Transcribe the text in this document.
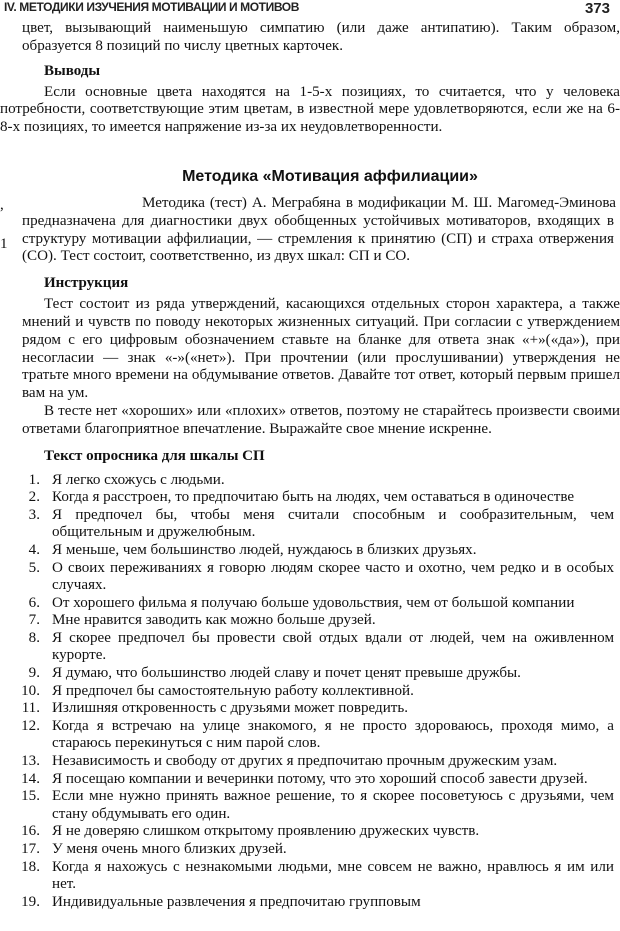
IV. МЕТОДИКИ ИЗУЧЕНИЯ МОТИВАЦИИ И МОТИВОВ	373

цвет, вызывающий наименьшую симпатию (или даже антипатию). Таким образом, образуется 8 позиций по числу цветных карточек.

Выводы

Если основные цвета находятся на 1-5-х позициях, то считается, что у человека потребности, соответствующие этим цветам, в известной мере удовлетворяются, если же на 6-8-х позициях, то имеется напряжение из-за их неудовлетворенности.

Методика «Мотивация аффилиации»
,
1

Методика (тест) А. Меграбяна в модификации М. Ш. Магомед-Эминова

предназначена для диагностики двух обобщенных устойчивых мотиваторов, входящих в структуру мотивации аффилиации, — стремления к принятию (СП) и страха отвержения (СО). Тест состоит, соответственно, из двух шкал: СП и СО.

Инструкция

Тест состоит из ряда утверждений, касающихся отдельных сторон характера, а также мнений и чувств по поводу некоторых жизненных ситуаций. При согласии с утверждением рядом с его цифровым обозначением ставьте на бланке для ответа знак «+»(«да»), при несогласии — знак «-»(«нет»). При прочтении (или прослушивании) утверждения не тратьте много времени на обдумывание ответов. Давайте тот ответ, который первым пришел вам на ум.

В тесте нет «хороших» или «плохих» ответов, поэтому не старайтесь произвести своими ответами благоприятное впечатление. Выражайте свое мнение искренне.

Текст опросника для шкалы СП
1. Я легко схожусь с людьми.
2. Когда я расстроен, то предпочитаю быть на людях, чем оставаться в одиночестве
3. Я предпочел бы, чтобы меня считали способным и сообразительным, чем общительным и дружелюбным.
4. Я меньше, чем большинство людей, нуждаюсь в близких друзьях.
5. О своих переживаниях я говорю людям скорее часто и охотно, чем редко и в особых случаях.
6. От хорошего фильма я получаю больше удовольствия, чем от большой компании
7. Мне нравится заводить как можно больше друзей.
8. Я скорее предпочел бы провести свой отдых вдали от людей, чем на оживленном курорте.
9. Я думаю, что большинство людей славу и почет ценят превыше дружбы.
10. Я предпочел бы самостоятельную работу коллективной.
11. Излишняя откровенность с друзьями может повредить.
12. Когда я встречаю на улице знакомого, я не просто здороваюсь, проходя мимо, а стараюсь перекинуться с ним парой слов.
13. Независимость и свободу от других я предпочитаю прочным дружеским узам.
14. Я посещаю компании и вечеринки потому, что это хороший способ завести друзей.
15. Если мне нужно принять важное решение, то я скорее посоветуюсь с друзьями, чем стану обдумывать его один.
16. Я не доверяю слишком открытому проявлению дружеских чувств.
17. У меня очень много близких друзей.
18. Когда я нахожусь с незнакомыми людьми, мне совсем не важно, нравлюсь я им или нет.
19. Индивидуальные развлечения я предпочитаю групповым
